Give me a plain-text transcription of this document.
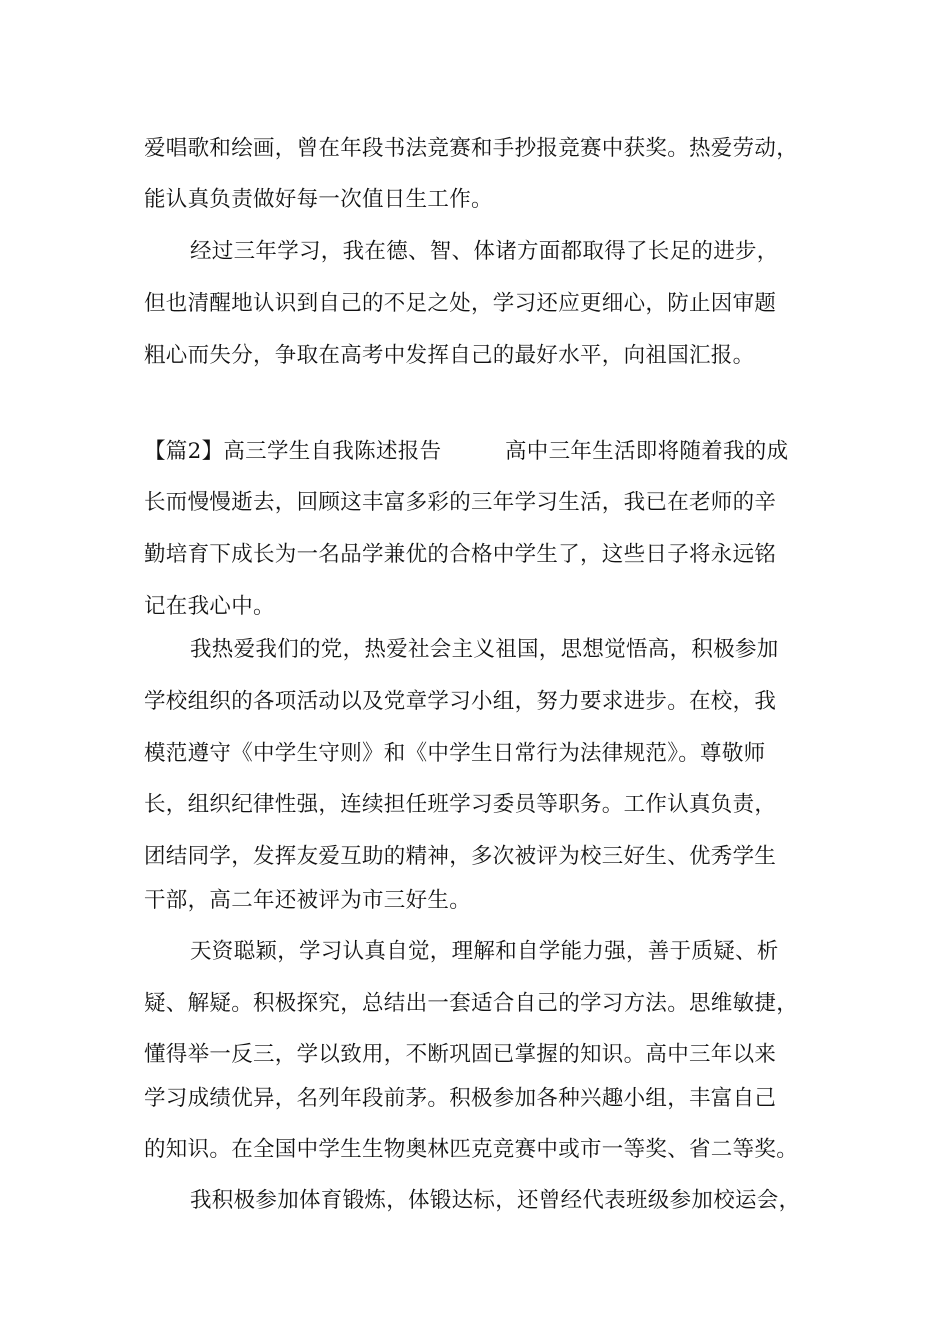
爱唱歌和绘画，曾在年段书法竞赛和手抄报竞赛中获奖。热爱劳动，
能认真负责做好每一次值日生工作。
经过三年学习，我在德、智、体诸方面都取得了长足的进步，
但也清醒地认识到自己的不足之处，学习还应更细心，防止因审题
粗心而失分，争取在高考中发挥自己的最好水平，向祖国汇报。
【篇2】高三学生自我陈述报告	高中三年生活即将随着我的成
长而慢慢逝去，回顾这丰富多彩的三年学习生活，我已在老师的辛
勤培育下成长为一名品学兼优的合格中学生了，这些日子将永远铭
记在我心中。
我热爱我们的党，热爱社会主义祖国，思想觉悟高，积极参加
学校组织的各项活动以及党章学习小组，努力要求进步。在校，我
模范遵守《中学生守则》和《中学生日常行为法律规范》。尊敬师
长，组织纪律性强，连续担任班学习委员等职务。工作认真负责，
团结同学，发挥友爱互助的精神，多次被评为校三好生、优秀学生
干部，高二年还被评为市三好生。
天资聪颖，学习认真自觉，理解和自学能力强，善于质疑、析
疑、解疑。积极探究，总结出一套适合自己的学习方法。思维敏捷，
懂得举一反三，学以致用，不断巩固已掌握的知识。高中三年以来
学习成绩优异，名列年段前茅。积极参加各种兴趣小组，丰富自己
的知识。在全国中学生生物奥林匹克竞赛中或市一等奖、省二等奖。
我积极参加体育锻炼，体锻达标，还曾经代表班级参加校运会，
